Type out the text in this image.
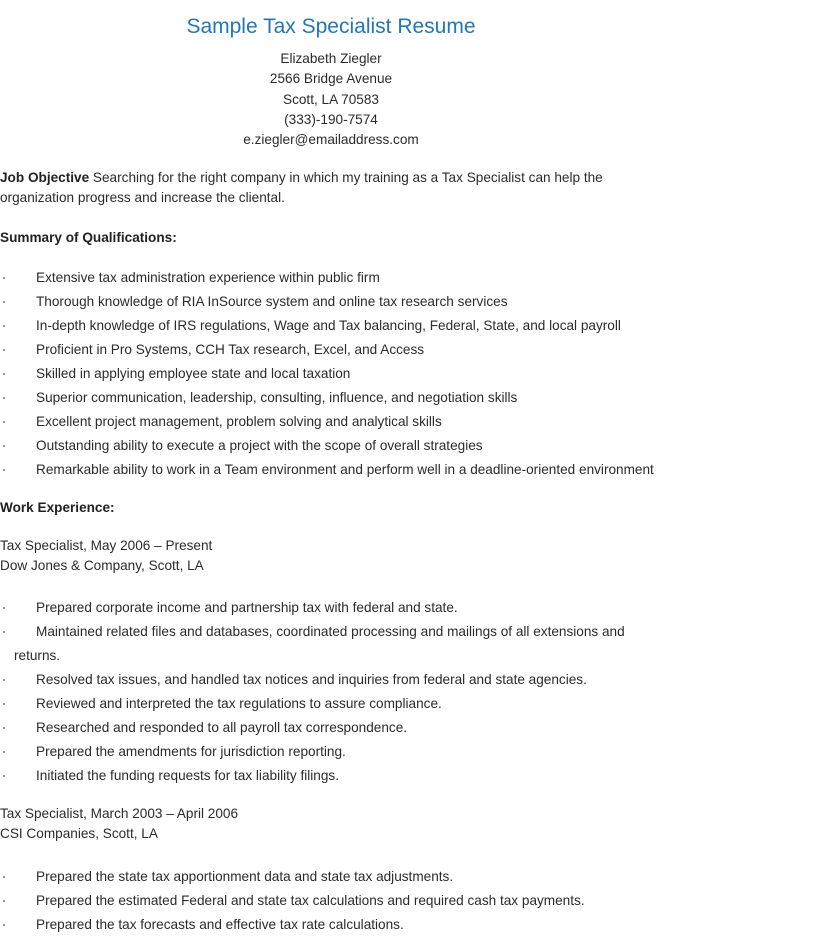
Sample Tax Specialist Resume
Elizabeth Ziegler
2566 Bridge Avenue
Scott, LA 70583
(333)-190-7574
e.ziegler@emailaddress.com
Job Objective Searching for the right company in which my training as a Tax Specialist can help the organization progress and increase the cliental.
Summary of Qualifications:
Extensive tax administration experience within public firm
Thorough knowledge of RIA InSource system and online tax research services
In-depth knowledge of IRS regulations, Wage and Tax balancing, Federal, State, and local payroll
Proficient in Pro Systems, CCH Tax research, Excel, and Access
Skilled in applying employee state and local taxation
Superior communication, leadership, consulting, influence, and negotiation skills
Excellent project management, problem solving and analytical skills
Outstanding ability to execute a project with the scope of overall strategies
Remarkable ability to work in a Team environment and perform well in a deadline-oriented environment
Work Experience:
Tax Specialist, May 2006 – Present
Dow Jones & Company, Scott, LA
Prepared corporate income and partnership tax with federal and state.
Maintained related files and databases, coordinated processing and mailings of all extensions and
returns.
Resolved tax issues, and handled tax notices and inquiries from federal and state agencies.
Reviewed and interpreted the tax regulations to assure compliance.
Researched and responded to all payroll tax correspondence.
Prepared the amendments for jurisdiction reporting.
Initiated the funding requests for tax liability filings.
Tax Specialist, March 2003 – April 2006
CSI Companies, Scott, LA
Prepared the state tax apportionment data and state tax adjustments.
Prepared the estimated Federal and state tax calculations and required cash tax payments.
Prepared the tax forecasts and effective tax rate calculations.
